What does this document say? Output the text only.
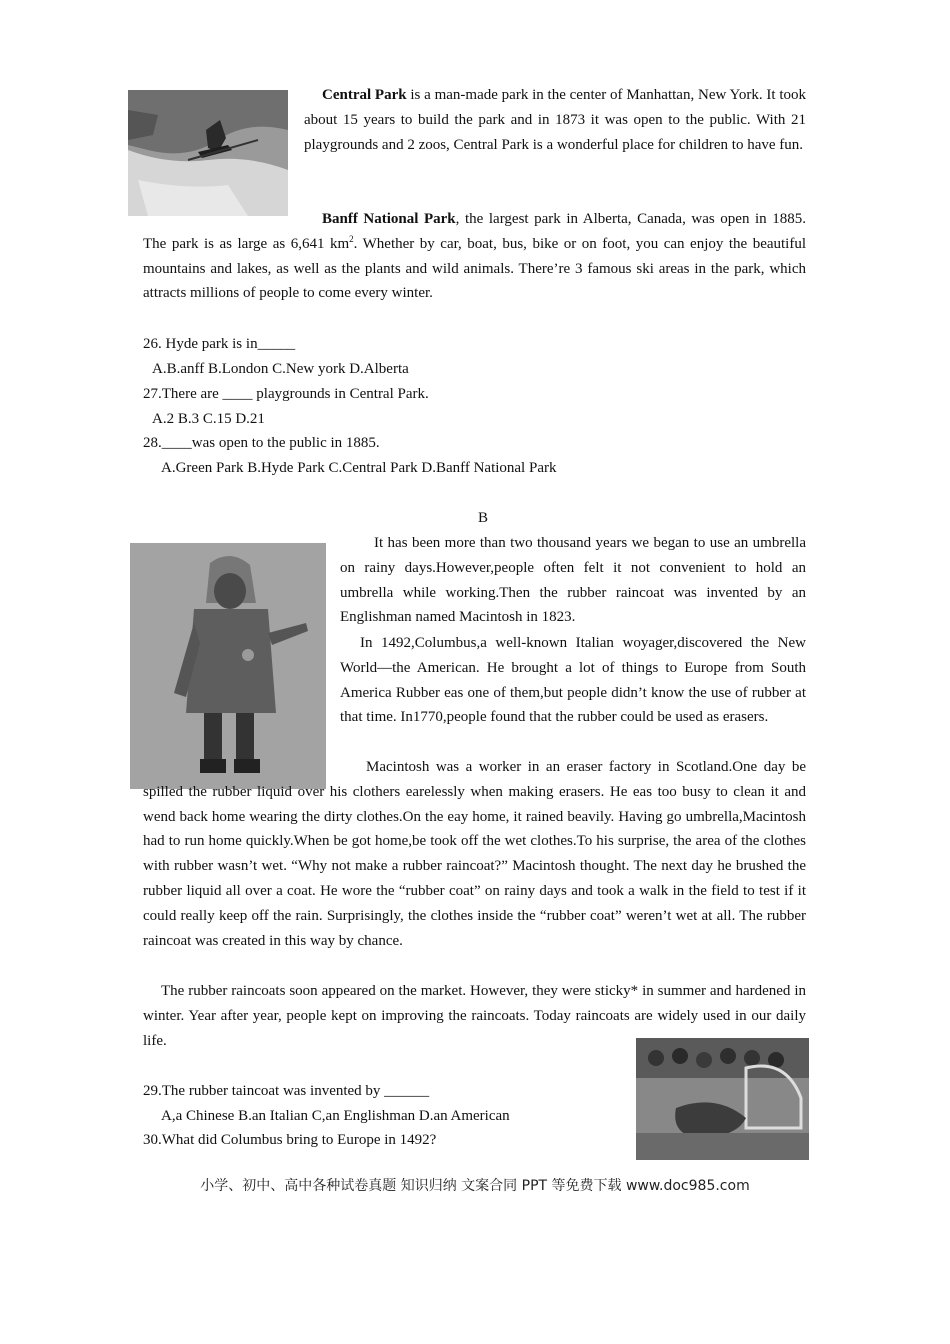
Central Park is a man-made park in the center of Manhattan, New York. It took about 15 years to build the park and in 1873 it was open to the public. With 21 playgrounds and 2 zoos, Central Park is a wonderful place for children to have fun.
Banff National Park, the largest park in Alberta, Canada, was open in 1885. The park is as large as 6,641 $km^2$. Whether by car, boat, bus, bike or on foot, you can enjoy the beautiful mountains and lakes, as well as the plants and wild animals. There’re 3 famous ski areas in the park, which attracts millions of people to come every winter.

26. Hyde park is in_____

A.B.anff B.London C.New york D.Alberta

27.There are ____ playgrounds in Central Park.

A.2 B.3 C.15 D.21

28.____was open to the public in 1885.

A.Green Park B.Hyde Park C.Central Park D.Banff National Park

B
It has been more than two thousand years we began to use an umbrella on rainy days.However,people often felt it not convenient to hold an umbrella while working.Then the rubber raincoat was invented by an Englishman named Macintosh in 1823.
In 1492,Columbus,a well-known Italian woyager,discovered the New World—the American. He brought a lot of things to Europe from South America Rubber eas one of them,but people didn’t know the use of rubber at that time. In1770,people found that the rubber could be used as erasers.
Macintosh was a worker in an eraser factory in Scotland.One day be spilled the rubber liquid over his clothers earelessly when making erasers. He eas too busy to clean it and wend back home wearing the dirty clothes.On the eay home, it rained beavily. Having go umbrella,Macintosh had to run home quickly.When be got home,be took off the wet clothes.To his surprise, the area of the clothes with rubber wasn’t wet. “Why not make a rubber raincoat?” Macintosh thought. The next day he brushed the rubber liquid all over a coat. He wore the “rubber coat” on rainy days and took a walk in the field to test if it could really keep off the rain. Surprisingly, the clothes inside the “rubber coat” weren’t wet at all. The rubber raincoat was created in this way by chance.
The rubber raincoats soon appeared on the market. However, they were sticky* in summer and hardened in winter. Year after year, people kept on improving the raincoats. Today raincoats are widely used in our daily life.

29.The rubber taincoat was invented by ______

A,a Chinese B.an Italian C,an Englishman D.an American

30.What did Columbus bring to Europe in 1492?

小学、初中、高中各种试卷真题 知识归纳 文案合同 PPT 等免费下载 www.doc985.com
